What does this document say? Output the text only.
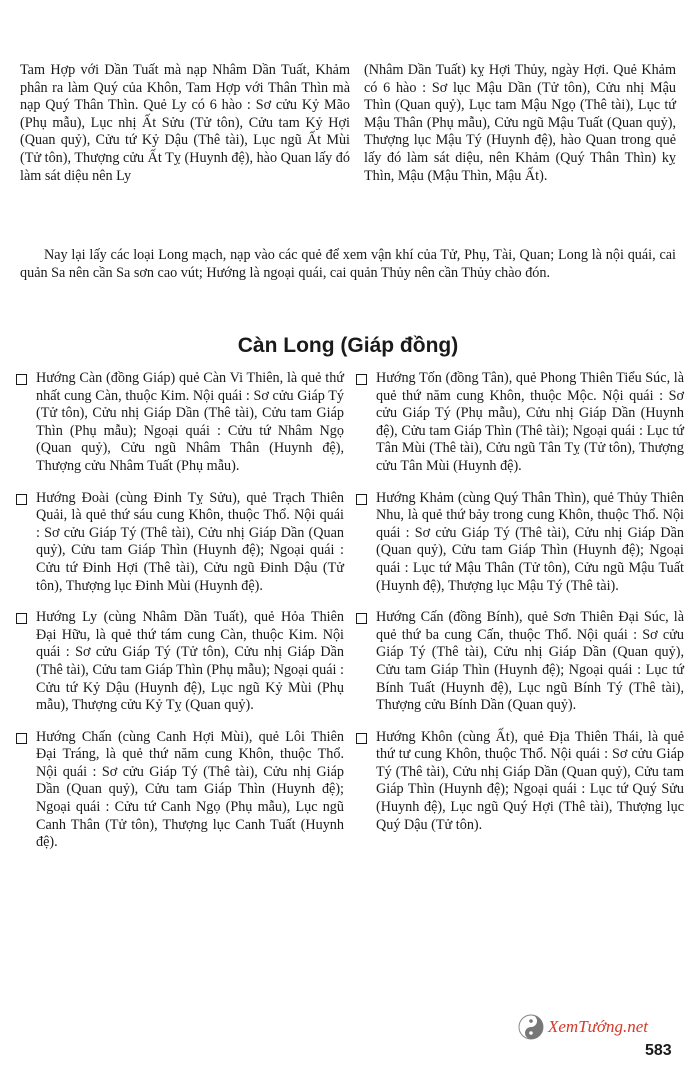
Tam Hợp với Dần Tuất mà nạp Nhâm Dần Tuất, Khảm phân ra làm Quý của Khôn, Tam Hợp với Thân Thìn mà nạp Quý Thân Thìn. Quẻ Ly có 6 hào : Sơ cửu Kỷ Mão (Phụ mẫu), Lục nhị Ất Sửu (Tử tôn), Cửu tam Kỷ Hợi (Quan quỷ), Cửu tứ Kỷ Dậu (Thê tài), Lục ngũ Ất Mùi (Tử tôn), Thượng cửu Ất Tỵ (Huynh đệ), hào Quan lấy đó làm sát diệu nên Ly

(Nhâm Dần Tuất) kỵ Hợi Thủy, ngày Hợi. Quẻ Khảm có 6 hào : Sơ lục Mậu Dần (Tử tôn), Cửu nhị Mậu Thìn (Quan quỷ), Lục tam Mậu Ngọ (Thê tài), Lục tứ Mậu Thân (Phụ mẫu), Cửu ngũ Mậu Tuất (Quan quỷ), Thượng lục Mậu Tý (Huynh đệ), hào Quan trong quẻ lấy đó làm sát diệu, nên Khảm (Quý Thân Thìn) kỵ Thìn, Mậu (Mậu Thìn, Mậu Ất).

Nay lại lấy các loại Long mạch, nạp vào các quẻ để xem vận khí của Tử, Phụ, Tài, Quan; Long là nội quái, cai quản Sa nên cần Sa sơn cao vút; Hướng là ngoại quái, cai quản Thủy nên cần Thủy chào đón.

Càn Long (Giáp đồng)
Hướng Càn (đồng Giáp) quẻ Càn Vi Thiên, là quẻ thứ nhất cung Càn, thuộc Kim. Nội quái : Sơ cửu Giáp Tý (Tử tôn), Cửu nhị Giáp Dần (Thê tài), Cửu tam Giáp Thìn (Phụ mẫu); Ngoại quái : Cửu tứ Nhâm Ngọ (Quan quỷ), Cửu ngũ Nhâm Thân (Huynh đệ), Thượng cửu Nhâm Tuất (Phụ mẫu).
Hướng Đoài (cùng Đinh Tỵ Sửu), quẻ Trạch Thiên Quải, là quẻ thứ sáu cung Khôn, thuộc Thổ. Nội quái : Sơ cửu Giáp Tý (Thê tài), Cửu nhị Giáp Dần (Quan quỷ), Cửu tam Giáp Thìn (Huynh đệ); Ngoại quái : Cửu tứ Đinh Hợi (Thê tài), Cửu ngũ Đinh Dậu (Tử tôn), Thượng lục Đinh Mùi (Huynh đệ).
Hướng Ly (cùng Nhâm Dần Tuất), quẻ Hỏa Thiên Đại Hữu, là quẻ thứ tám cung Càn, thuộc Kim. Nội quái : Sơ cửu Giáp Tý (Tử tôn), Cửu nhị Giáp Dần (Thê tài), Cửu tam Giáp Thìn (Phụ mẫu); Ngoại quái : Cửu tứ Kỷ Dậu (Huynh đệ), Lục ngũ Kỷ Mùi (Phụ mẫu), Thượng cửu Kỷ Tỵ (Quan quỷ).
Hướng Chấn (cùng Canh Hợi Mùi), quẻ Lôi Thiên Đại Tráng, là quẻ thứ năm cung Khôn, thuộc Thổ. Nội quái : Sơ cửu Giáp Tý (Thê tài), Cửu nhị Giáp Dần (Quan quỷ), Cửu tam Giáp Thìn (Huynh đệ); Ngoại quái : Cửu tứ Canh Ngọ (Phụ mẫu), Lục ngũ Canh Thân (Tử tôn), Thượng lục Canh Tuất (Huynh đệ).
Hướng Tốn (đồng Tân), quẻ Phong Thiên Tiểu Súc, là quẻ thứ năm cung Khôn, thuộc Mộc. Nội quái : Sơ cửu Giáp Tý (Phụ mẫu), Cửu nhị Giáp Dần (Huynh đệ), Cửu tam Giáp Thìn (Thê tài); Ngoại quái : Lục tứ Tân Mùi (Thê tài), Cửu ngũ Tân Tỵ (Tử tôn), Thượng cửu Tân Mùi (Huynh đệ).
Hướng Khảm (cùng Quý Thân Thìn), quẻ Thủy Thiên Nhu, là quẻ thứ bảy trong cung Khôn, thuộc Thổ. Nội quái : Sơ cửu Giáp Tý (Thê tài), Cửu nhị Giáp Dần (Quan quỷ), Cửu tam Giáp Thìn (Huynh đệ); Ngoại quái : Lục tứ Mậu Thân (Tử tôn), Cửu ngũ Mậu Tuất (Huynh đệ), Thượng lục Mậu Tý (Thê tài).
Hướng Cấn (đồng Bính), quẻ Sơn Thiên Đại Súc, là quẻ thứ ba cung Cấn, thuộc Thổ. Nội quái : Sơ cửu Giáp Tý (Thê tài), Cửu nhị Giáp Dần (Quan quỷ), Cửu tam Giáp Thìn (Huynh đệ); Ngoại quái : Lục tứ Bính Tuất (Huynh đệ), Lục ngũ Bính Tý (Thê tài), Thượng cửu Bính Dần (Quan quỷ).
Hướng Khôn (cùng Ất), quẻ Địa Thiên Thái, là quẻ thứ tư cung Khôn, thuộc Thổ. Nội quái : Sơ cửu Giáp Tý (Thê tài), Cửu nhị Giáp Dần (Quan quỷ), Cửu tam Giáp Thìn (Huynh đệ); Ngoại quái : Lục tứ Quý Sửu (Huynh đệ), Lục ngũ Quý Hợi (Thê tài), Thượng lục Quý Dậu (Tử tôn).
XemTướng.net
583
